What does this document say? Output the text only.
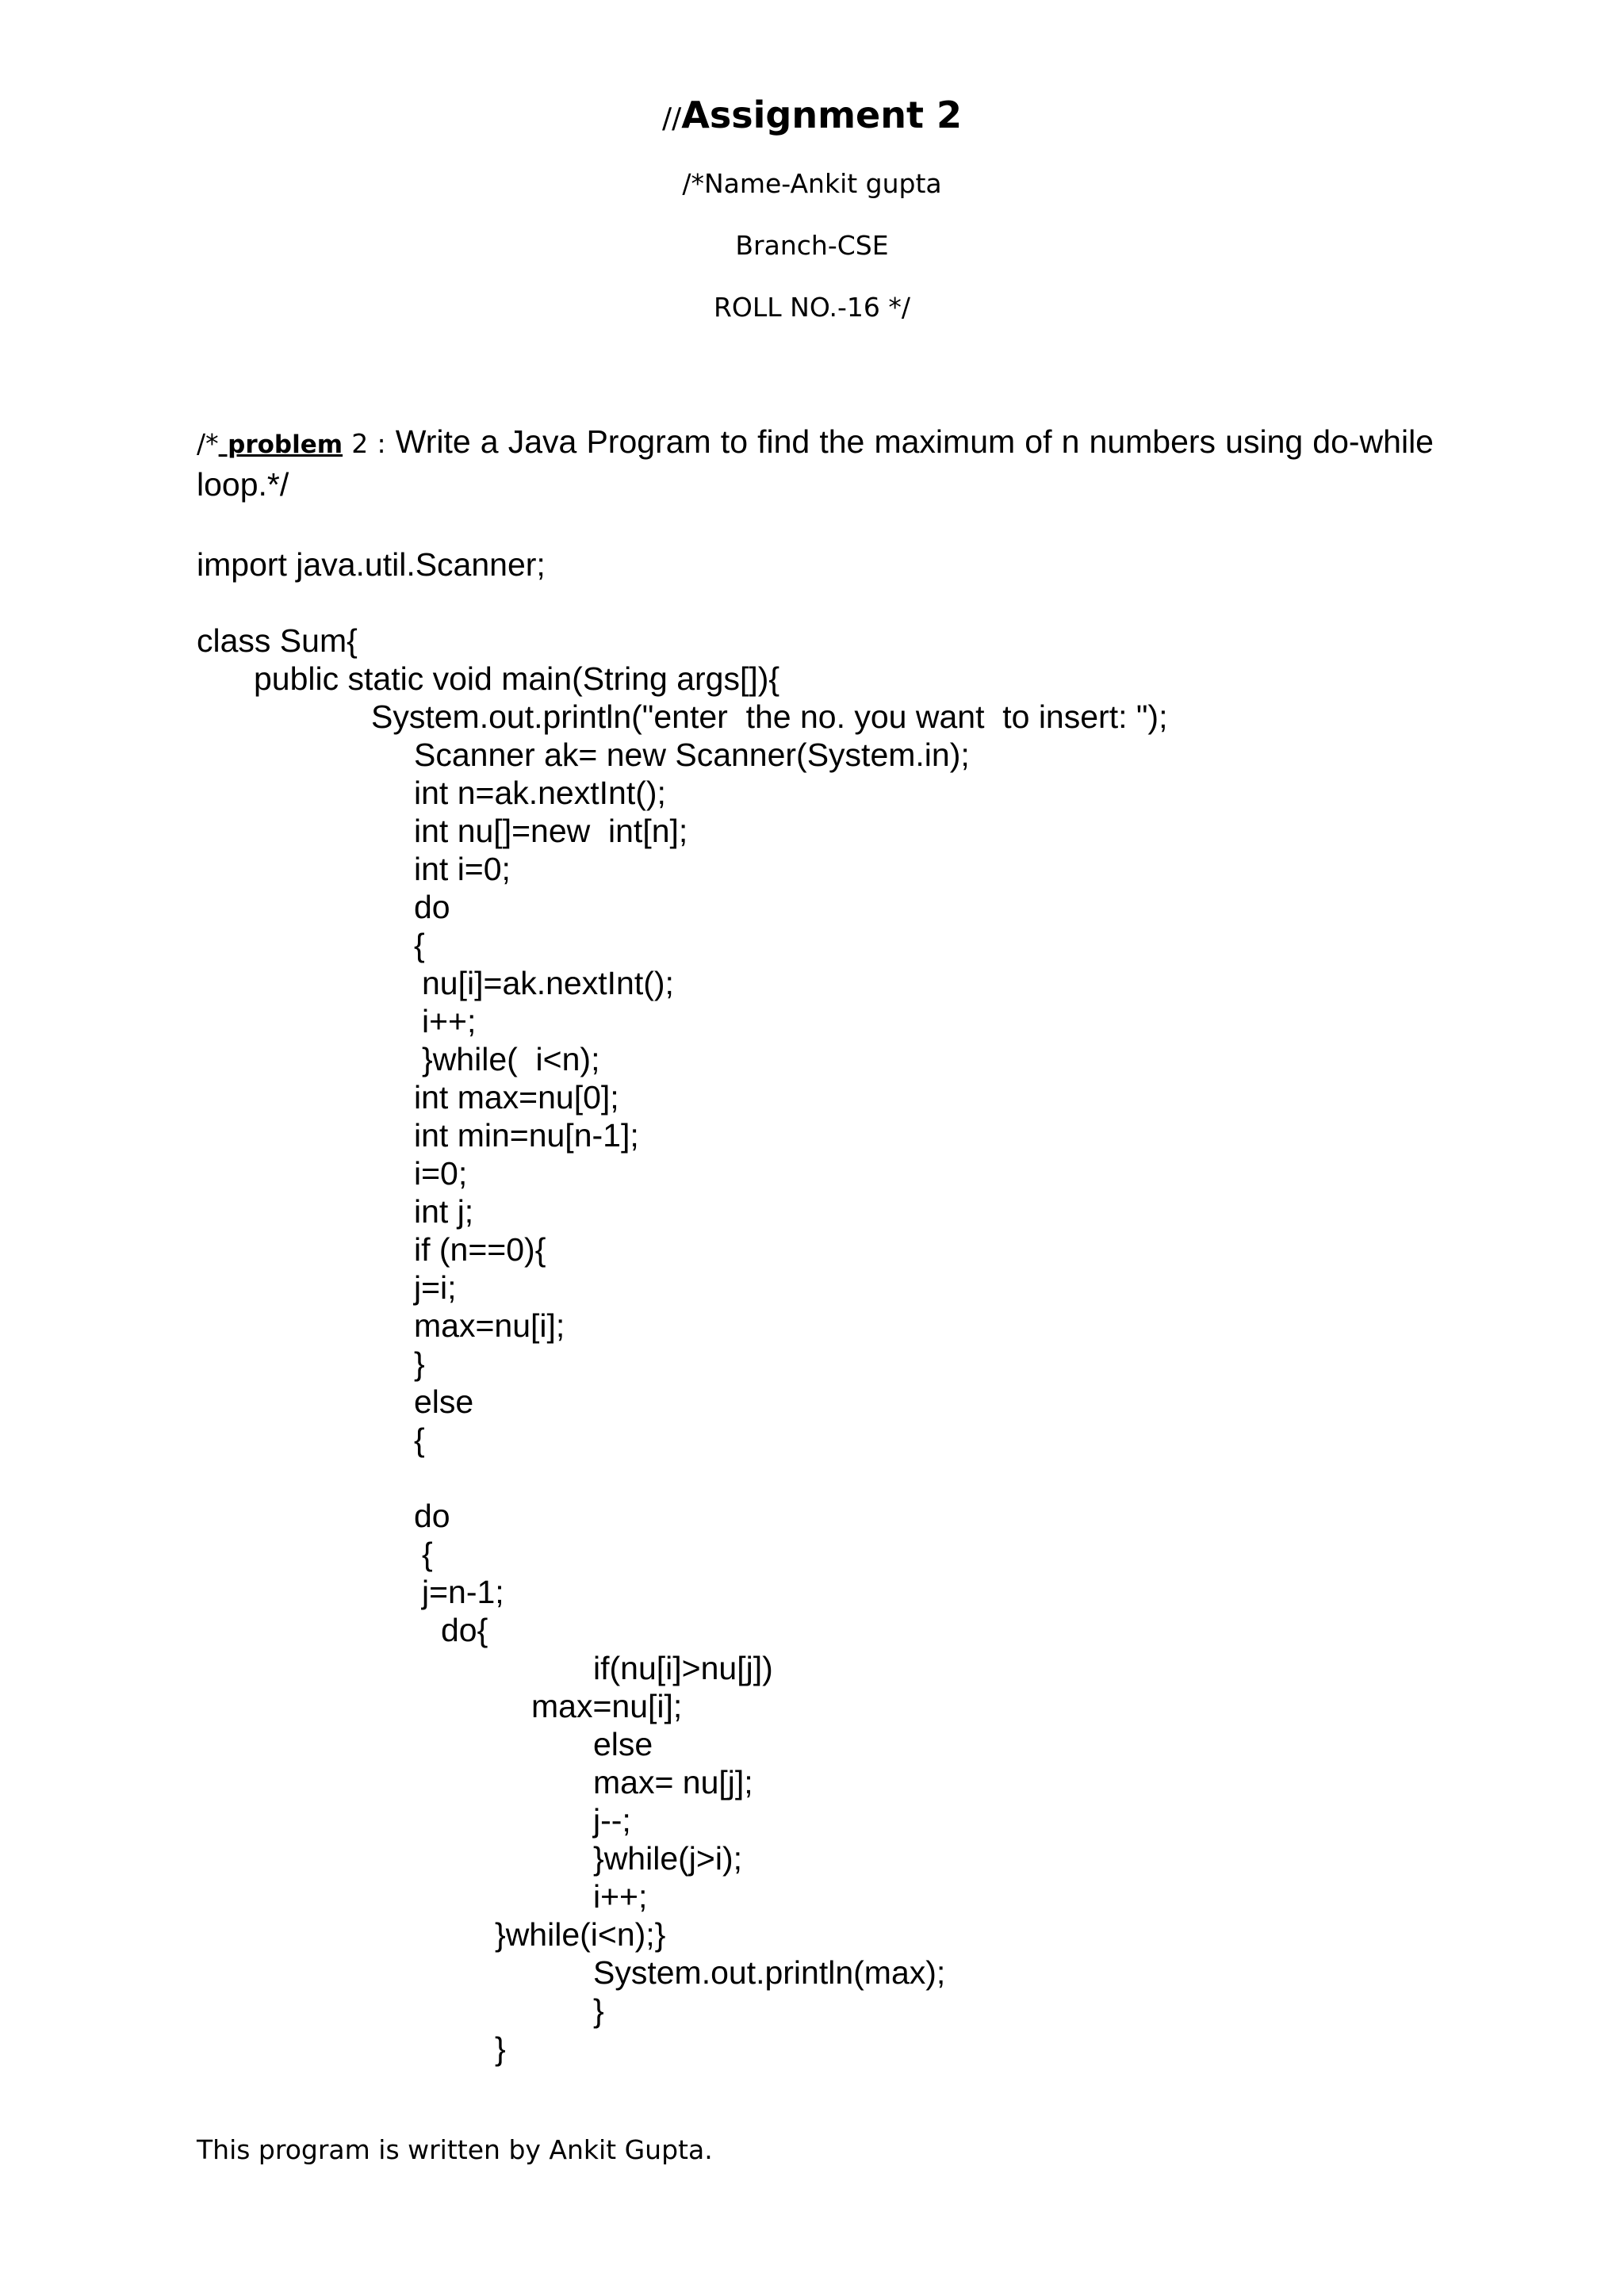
//Assignment 2
/*Name-Ankit gupta
Branch-CSE
ROLL NO.-16 */
/* problem 2 : Write a Java Program to find the maximum of n numbers using do-while loop.*/
import java.util.Scanner;
class Sum{
public static void main(String args[]){
System.out.println("enter  the no. you want  to insert: ");
Scanner ak= new Scanner(System.in);
int n=ak.nextInt();
int nu[]=new  int[n];
int i=0;
do
{
nu[i]=ak.nextInt();
i++;
}while(  i<n);
int max=nu[0];
int min=nu[n-1];
i=0;
int j;
if (n==0){
j=i;
max=nu[i];
}
else
{
do
{
j=n-1;
do{
if(nu[i]>nu[j])
max=nu[i];
else
max= nu[j];
j--;
}while(j>i);
i++;
}while(i<n);}
System.out.println(max);
}
}
This program is written by Ankit Gupta.
